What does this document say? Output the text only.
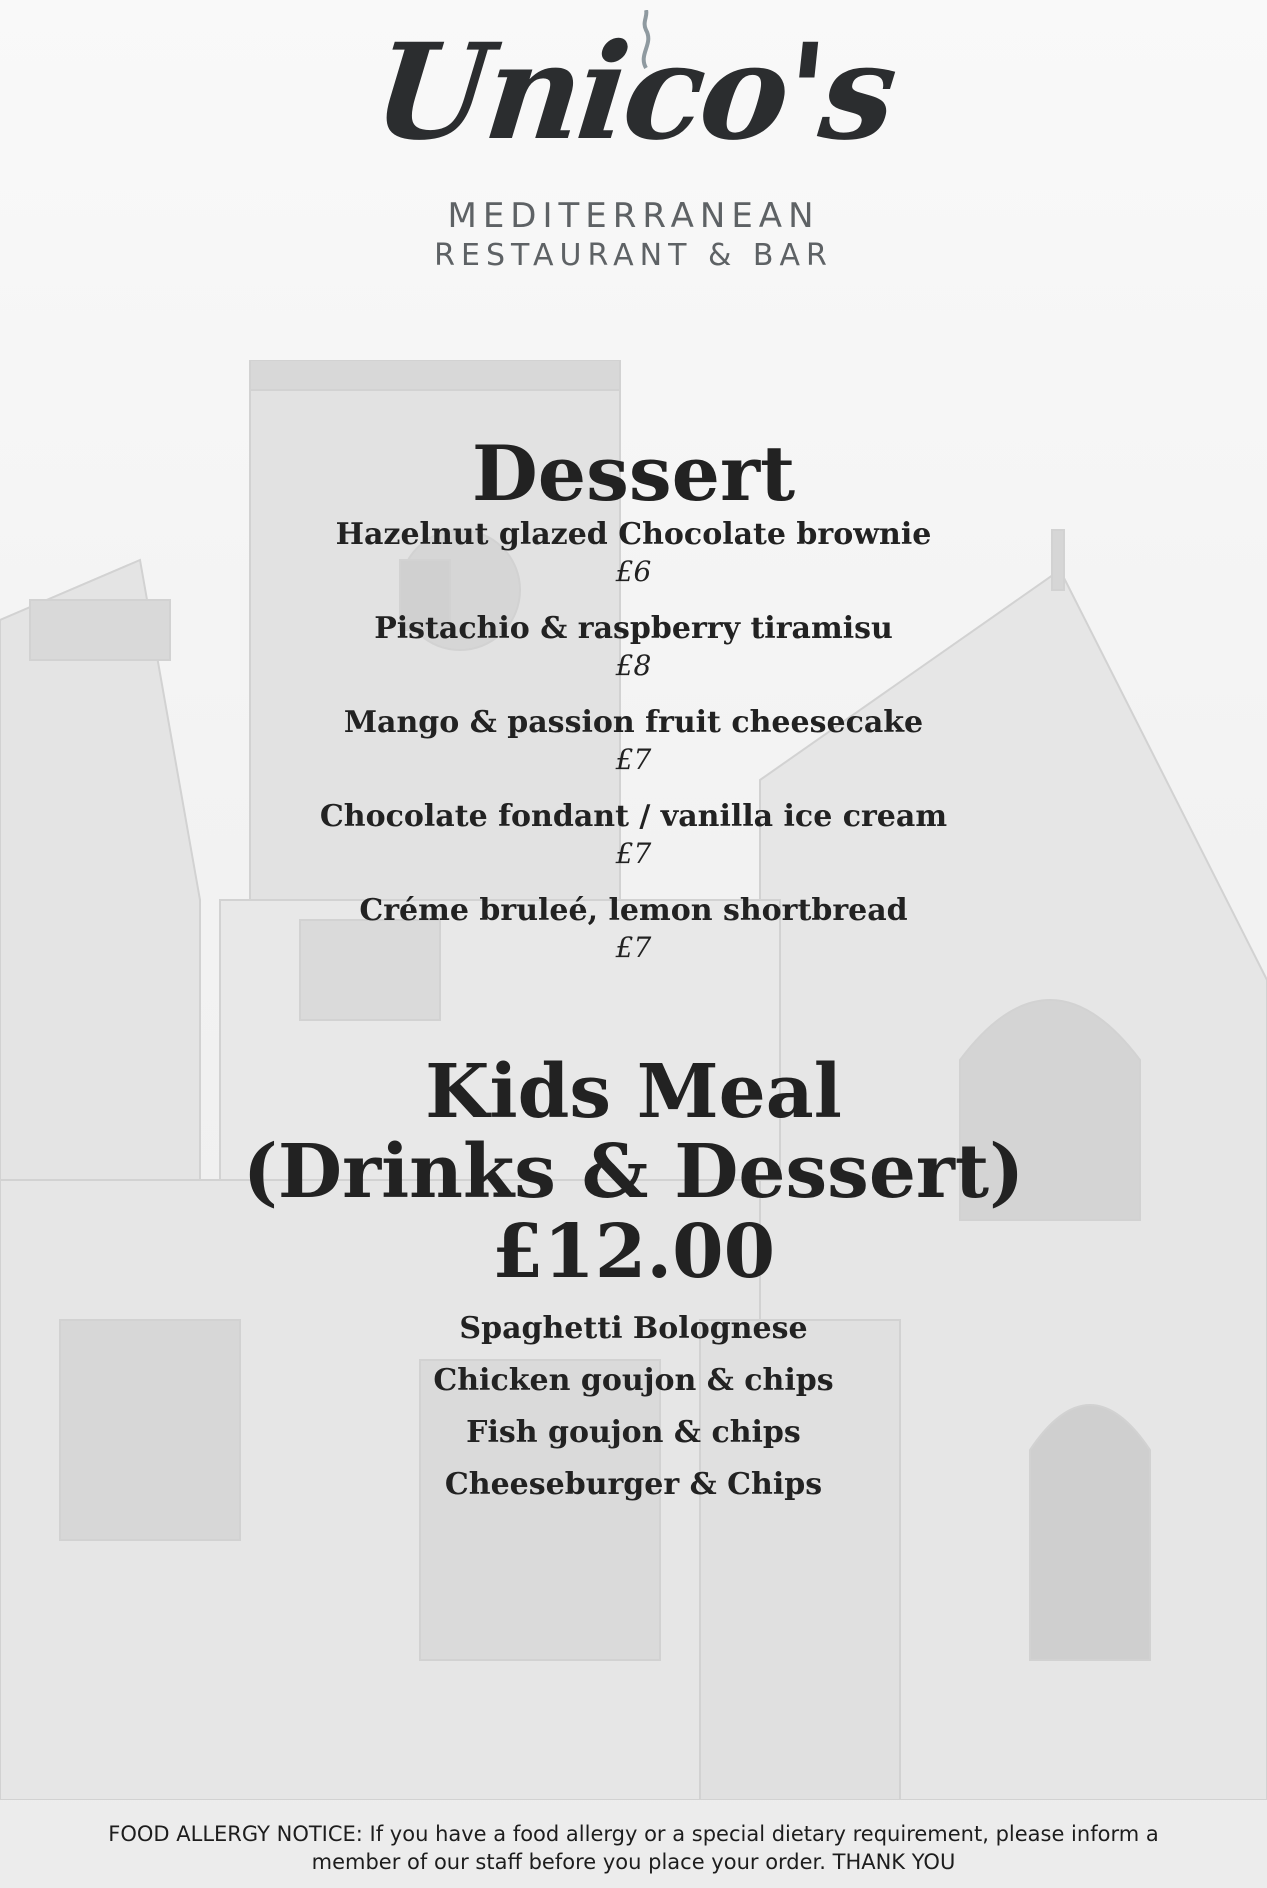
Unico's
MEDITERRANEAN
RESTAURANT & BAR
Dessert

Hazelnut glazed Chocolate brownie

£6

Pistachio & raspberry tiramisu

£8

Mango & passion fruit cheesecake

£7

Chocolate fondant / vanilla ice cream

£7

Créme bruleé, lemon shortbread

£7

Kids Meal
(Drinks & Dessert)

£12.00

Spaghetti Bolognese

Chicken goujon & chips

Fish goujon & chips

Cheeseburger & Chips

FOOD ALLERGY NOTICE: If you have a food allergy or a special dietary requirement, please inform a
member of our staff before you place your order. THANK YOU
